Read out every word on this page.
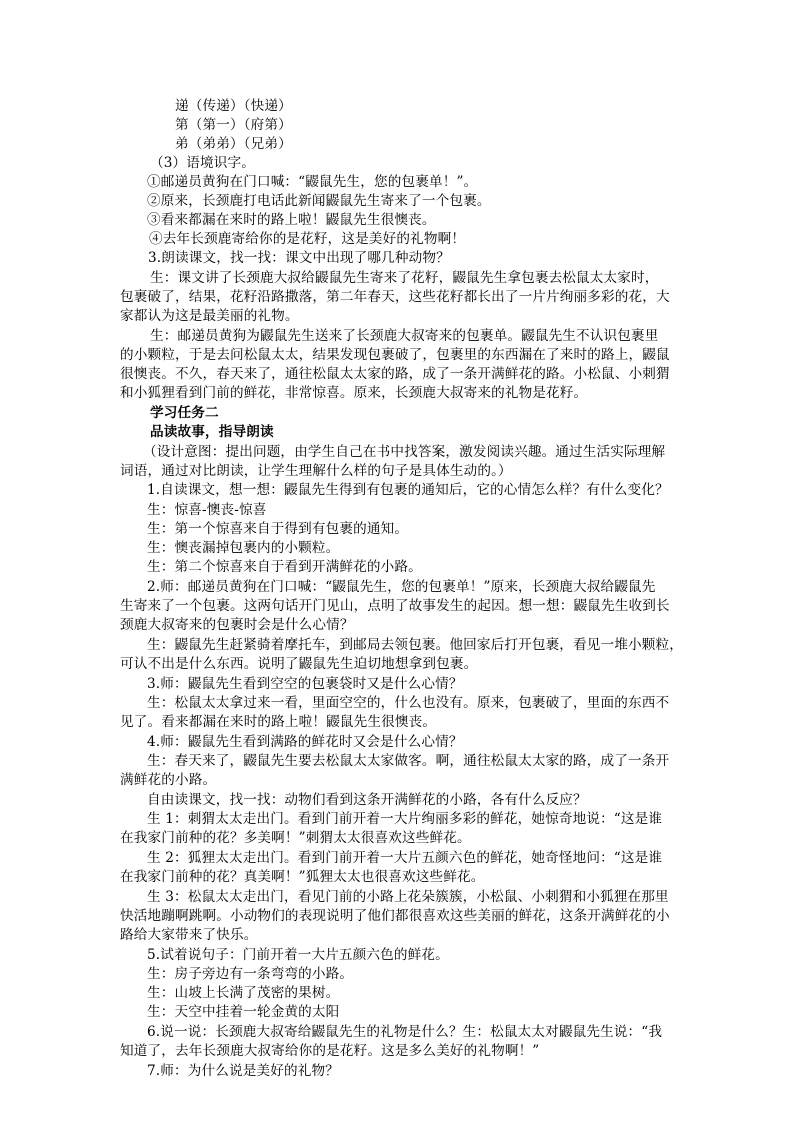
递（传递）（快递）
第（第一）（府第）
弟（弟弟）（兄弟）
（3）语境识字。
①邮递员黄狗在门口喊：“鼹鼠先生，您的包裹单！”。
②原来，长颈鹿打电话此新闻鼹鼠先生寄来了一个包裹。
③看来都漏在来时的路上啦！鼹鼠先生很懊丧。
④去年长颈鹿寄给你的是花籽，这是美好的礼物啊！
3.朗读课文，找一找：课文中出现了哪几种动物？
生：课文讲了长颈鹿大叔给鼹鼠先生寄来了花籽，鼹鼠先生拿包裹去松鼠太太家时，
包裹破了，结果，花籽沿路撒落，第二年春天，这些花籽都长出了一片片绚丽多彩的花，大
家都认为这是最美丽的礼物。
生：邮递员黄狗为鼹鼠先生送来了长颈鹿大叔寄来的包裹单。鼹鼠先生不认识包裹里
的小颗粒，于是去问松鼠太太，结果发现包裹破了，包裹里的东西漏在了来时的路上，鼹鼠
很懊丧。不久，春天来了，通往松鼠太太家的路，成了一条开满鲜花的路。小松鼠、小刺猬
和小狐狸看到门前的鲜花，非常惊喜。原来，长颈鹿大叔寄来的礼物是花籽。
学习任务二
品读故事，指导朗读
（设计意图：提出问题，由学生自己在书中找答案，激发阅读兴趣。通过生活实际理解
词语，通过对比朗读，让学生理解什么样的句子是具体生动的。）
1.自读课文，想一想：鼹鼠先生得到有包裹的通知后，它的心情怎么样？有什么变化？
生：惊喜-懊丧-惊喜
生：第一个惊喜来自于得到有包裹的通知。
生：懊丧漏掉包裹内的小颗粒。
生：第二个惊喜来自于看到开满鲜花的小路。
2.师：邮递员黄狗在门口喊：“鼹鼠先生，您的包裹单！”原来，长颈鹿大叔给鼹鼠先
生寄来了一个包裹。这两句话开门见山，点明了故事发生的起因。想一想：鼹鼠先生收到长
颈鹿大叔寄来的包裹时会是什么心情？
生：鼹鼠先生赶紧骑着摩托车，到邮局去领包裹。他回家后打开包裹，看见一堆小颗粒，
可认不出是什么东西。说明了鼹鼠先生迫切地想拿到包裹。
3.师：鼹鼠先生看到空空的包裹袋时又是什么心情？
生：松鼠太太拿过来一看，里面空空的，什么也没有。原来，包裹破了，里面的东西不
见了。看来都漏在来时的路上啦！鼹鼠先生很懊丧。
4.师：鼹鼠先生看到满路的鲜花时又会是什么心情？
生：春天来了，鼹鼠先生要去松鼠太太家做客。啊，通往松鼠太太家的路，成了一条开
满鲜花的小路。
自由读课文，找一找：动物们看到这条开满鲜花的小路，各有什么反应？
生 1：刺猬太太走出门。看到门前开着一大片绚丽多彩的鲜花，她惊奇地说：“这是谁
在我家门前种的花？多美啊！”刺猬太太很喜欢这些鲜花。
生 2：狐狸太太走出门。看到门前开着一大片五颜六色的鲜花，她奇怪地问：“这是谁
在我家门前种的花？真美啊！”狐狸太太也很喜欢这些鲜花。
生 3：松鼠太太走出门，看见门前的小路上花朵簇簇，小松鼠、小刺猬和小狐狸在那里
快活地蹦啊跳啊。小动物们的表现说明了他们都很喜欢这些美丽的鲜花，这条开满鲜花的小
路给大家带来了快乐。
5.试着说句子：门前开着一大片五颜六色的鲜花。
生：房子旁边有一条弯弯的小路。
生：山坡上长满了茂密的果树。
生：天空中挂着一轮金黄的太阳
6.说一说：长颈鹿大叔寄给鼹鼠先生的礼物是什么？生：松鼠太太对鼹鼠先生说：“我
知道了，去年长颈鹿大叔寄给你的是花籽。这是多么美好的礼物啊！”
7.师：为什么说是美好的礼物？
